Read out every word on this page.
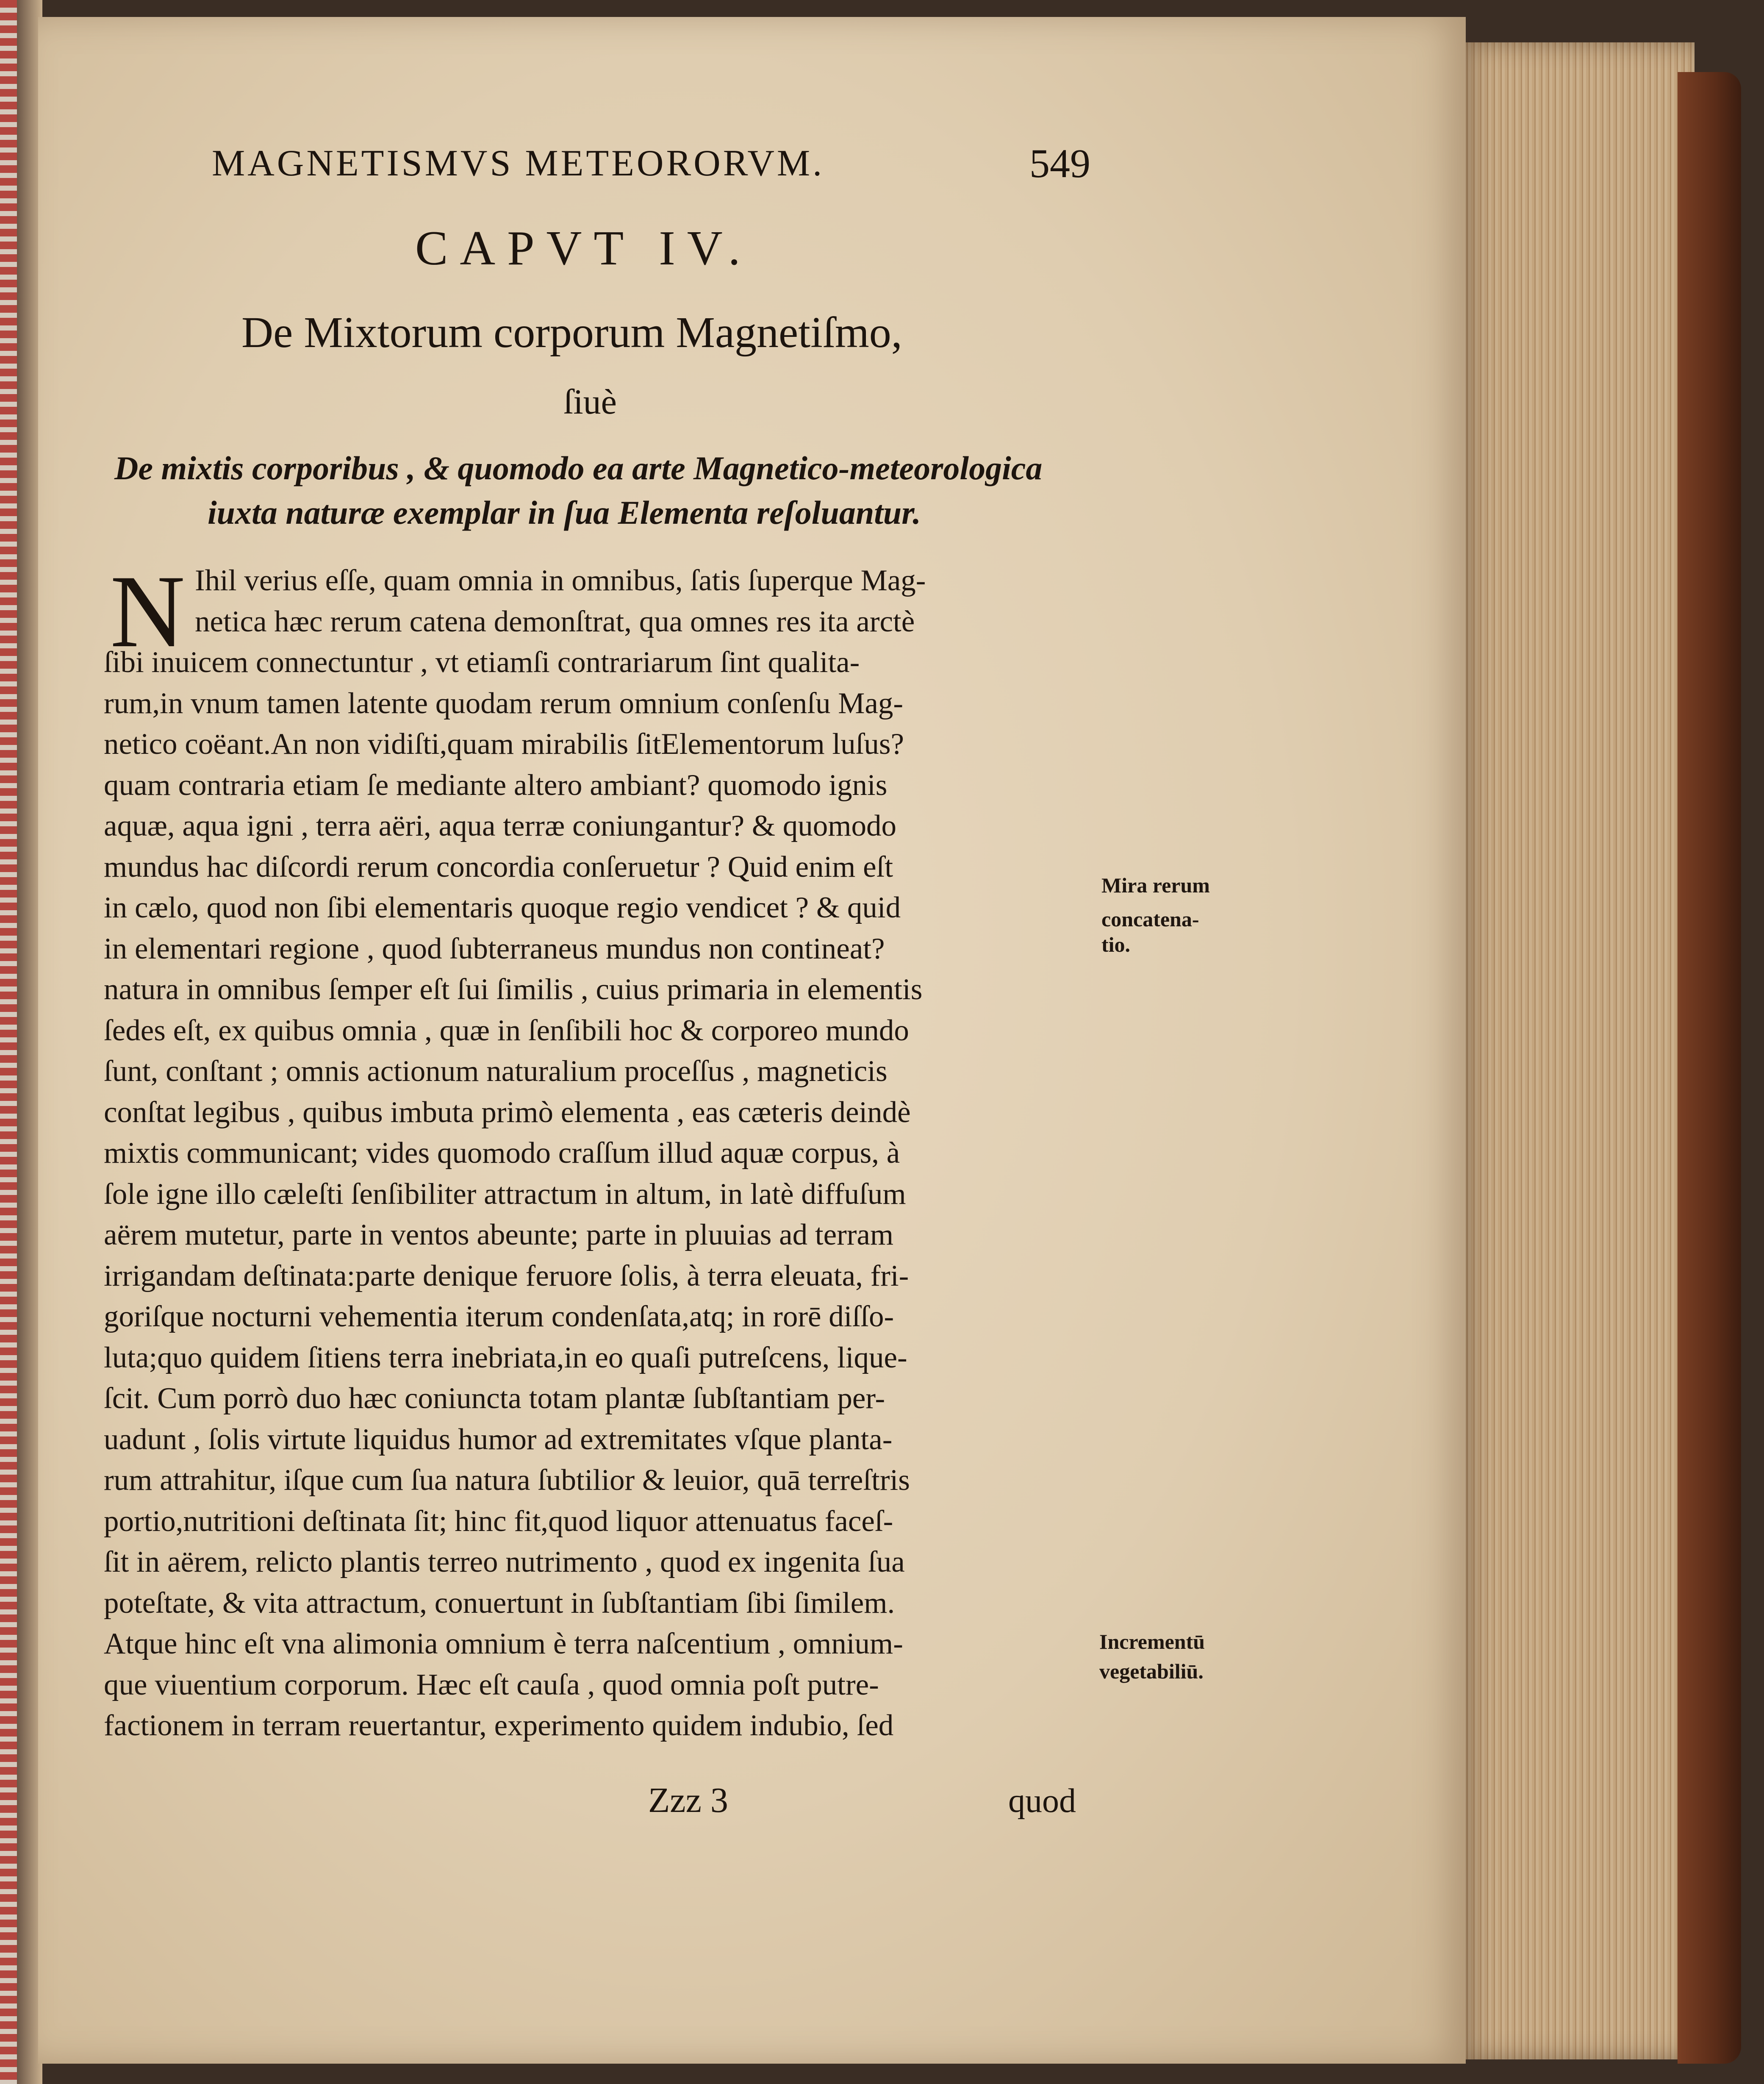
MAGNETISMVS METEORORVM.	549
CAPVT IV.
De Mixtorum corporum Magnetiſmo,
ſiuè
De mixtis corporibus , & quomodo ea arte Magnetico-meteorologica
iuxta naturæ exemplar in ſua Elementa reſoluantur.
N Ihil verius eſſe, quam omnia in omnibus, ſatis ſuperque Mag-
netica hæc rerum catena demonſtrat, qua omnes res ita arctè
ſibi inuicem connectuntur , vt etiamſi contrariarum ſint qualita-
rum,in vnum tamen latente quodam rerum omnium conſenſu Mag-
netico coëant.An non vidiſti,quam mirabilis ſitElementorum luſus?
quam contraria etiam ſe mediante altero ambiant? quomodo ignis
aquæ, aqua igni , terra aëri, aqua terræ coniungantur? & quomodo
mundus hac diſcordi rerum concordia conſeruetur ? Quid enim eſt
in cælo, quod non ſibi elementaris quoque regio vendicet ? & quid
in elementari regione , quod ſubterraneus mundus non contineat?
natura in omnibus ſemper eſt ſui ſimilis , cuius primaria in elementis
ſedes eſt, ex quibus omnia , quæ in ſenſibili hoc & corporeo mundo
ſunt, conſtant ; omnis actionum naturalium proceſſus , magneticis
conſtat legibus , quibus imbuta primò elementa , eas cæteris deindè
mixtis communicant; vides quomodo craſſum illud aquæ corpus, à
ſole igne illo cæleſti ſenſibiliter attractum in altum, in latè diffuſum
aërem mutetur, parte in ventos abeunte; parte in pluuias ad terram
irrigandam deſtinata:parte denique feruore ſolis, à terra eleuata, fri-
goriſque nocturni vehementia iterum condenſata,atq; in rorē diſſo-
luta;quo quidem ſitiens terra inebriata,in eo quaſi putreſcens, lique-
ſcit. Cum porrò duo hæc coniuncta totam plantæ ſubſtantiam per-
uadunt , ſolis virtute liquidus humor ad extremitates vſque planta-
rum attrahitur, iſque cum ſua natura ſubtilior & leuior, quā terreſtris
portio,nutritioni deſtinata ſit; hinc fit,quod liquor attenuatus faceſ-
ſit in aërem, relicto plantis terreo nutrimento , quod ex ingenita ſua
poteſtate, & vita attractum, conuertunt in ſubſtantiam ſibi ſimilem.
Atque hinc eſt vna alimonia omnium è terra naſcentium , omnium-
que viuentium corporum. Hæc eſt cauſa , quod omnia poſt putre-
factionem in terram reuertantur, experimento quidem indubio, ſed
Mira rerum
concatena-
tio.
Incrementū
vegetabiliū.
Zzz 3	quod
